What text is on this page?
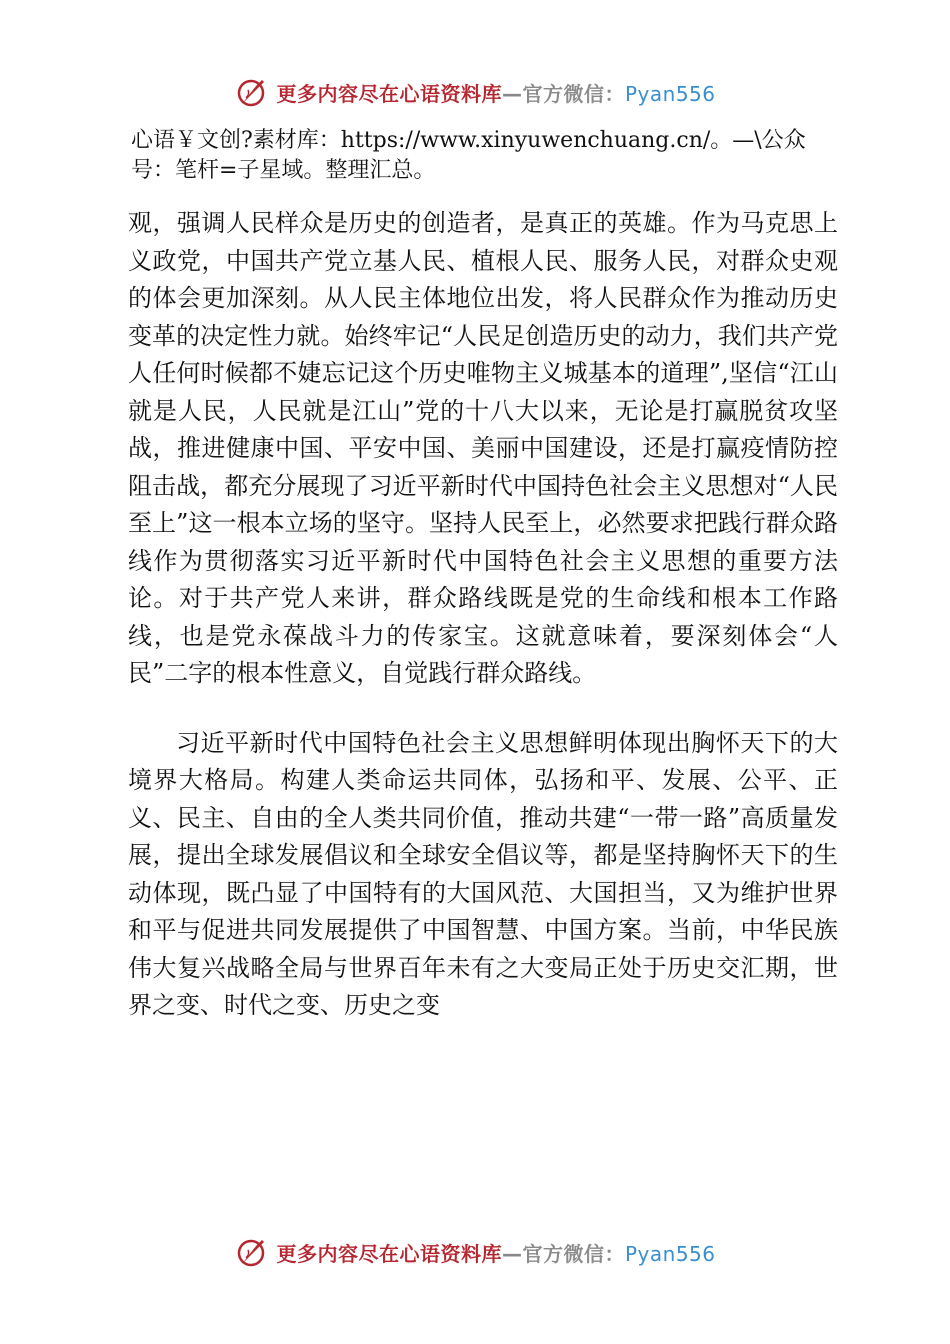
更多内容尽在心语资料库—官方微信：Pyan556
心语￥文创?素材库：https://www.xinyuwenchuang.cn/。—\公众号：笔杆=子星域。整理汇总。

观，强调人民样众是历史的创造者，是真正的英雄。作为马克思上义政党，中国共产党立基人民、植根人民、服务人民，对群众史观的体会更加深刻。从人民主体地位出发，将人民群众作为推动历史变革的决定性力就。始终牢记“人民足创造历史的动力，我们共产党人任何时候都不婕忘记这个历史唯物主义城基本的道理”,坚信“江山就是人民，人民就是江山”党的十八大以来，无论是打赢脱贫攻坚战，推进健康中国、平安中国、美丽中国建设，还是打赢疫情防控阻击战，都充分展现了习近平新时代中国持色社会主义思想对“人民至上”这一根本立场的坚守。坚持人民至上，必然要求把践行群众路线作为贯彻落实习近平新时代中国特色社会主义思想的重要方法论。对于共产党人来讲，群众路线既是党的生命线和根本工作路线，也是党永葆战斗力的传家宝。这就意味着，要深刻体会“人民”二字的根本性意义，自觉践行群众路线。

习近平新时代中国特色社会主义思想鲜明体现出胸怀天下的大境界大格局。构建人类命运共同体，弘扬和平、发展、公平、正义、民主、自由的全人类共同价值，推动共建“一带一路”高质量发展，提出全球发展倡议和全球安全倡议等，都是坚持胸怀天下的生动体现，既凸显了中国特有的大国风范、大国担当，又为维护世界和平与促进共同发展提供了中国智慧、中国方案。当前，中华民族伟大复兴战略全局与世界百年未有之大变局正处于历史交汇期，世界之变、时代之变、历史之变

更多内容尽在心语资料库—官方微信：Pyan556
